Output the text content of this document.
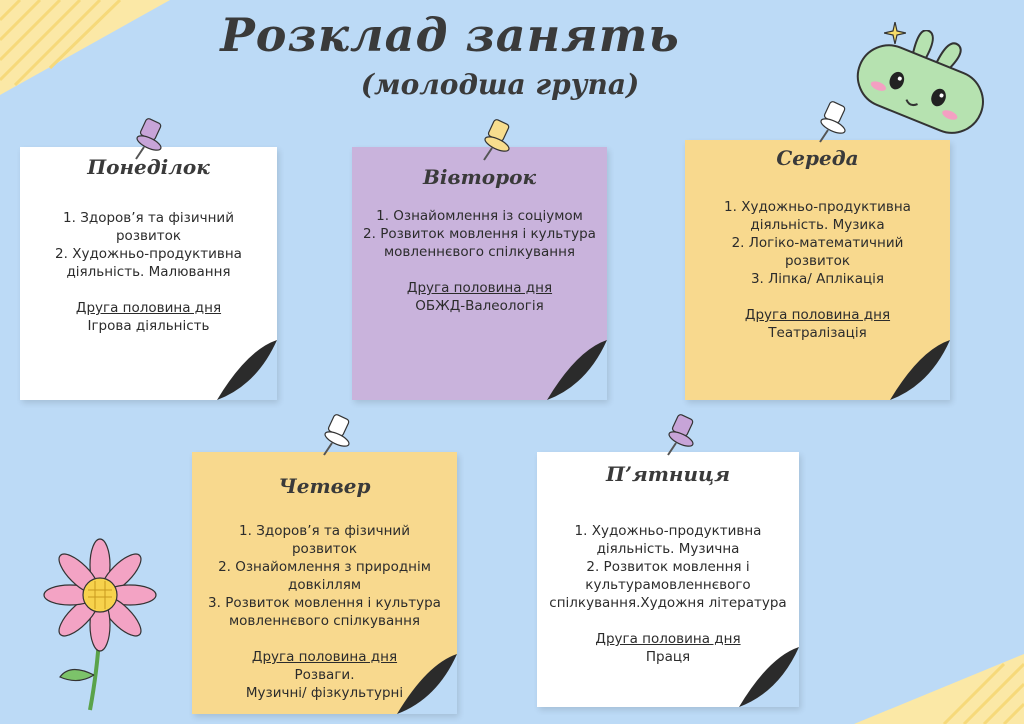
Розклад занять
(молодша група)
Понеділок
1. Здоров’я та фізичний
розвиток
2. Художньо-продуктивна
діяльність. Малювання
Друга половина дня
Ігрова діяльність
Вівторок
1. Ознайомлення із соціумом
2. Розвиток мовлення і культура
мовленнєвого спілкування
Друга половина дня
ОБЖД-Валеологія
Середа
1. Художньо-продуктивна
діяльність. Музика
2. Логіко-математичний
розвиток
3. Ліпка/ Аплікація
Друга половина дня
Театралізація
Четвер
1. Здоров’я та фізичний
розвиток
2. Ознайомлення з природнім
довкіллям
3. Розвиток мовлення і культура
мовленнєвого спілкування
Друга половина дня
Розваги.
Музичні/ фізкультурні
Пʼятниця
1. Художньо-продуктивна
діяльність. Музична
2. Розвиток мовлення і
культурамовленнєвого
спілкування.Художня література
Друга половина дня
Праця
